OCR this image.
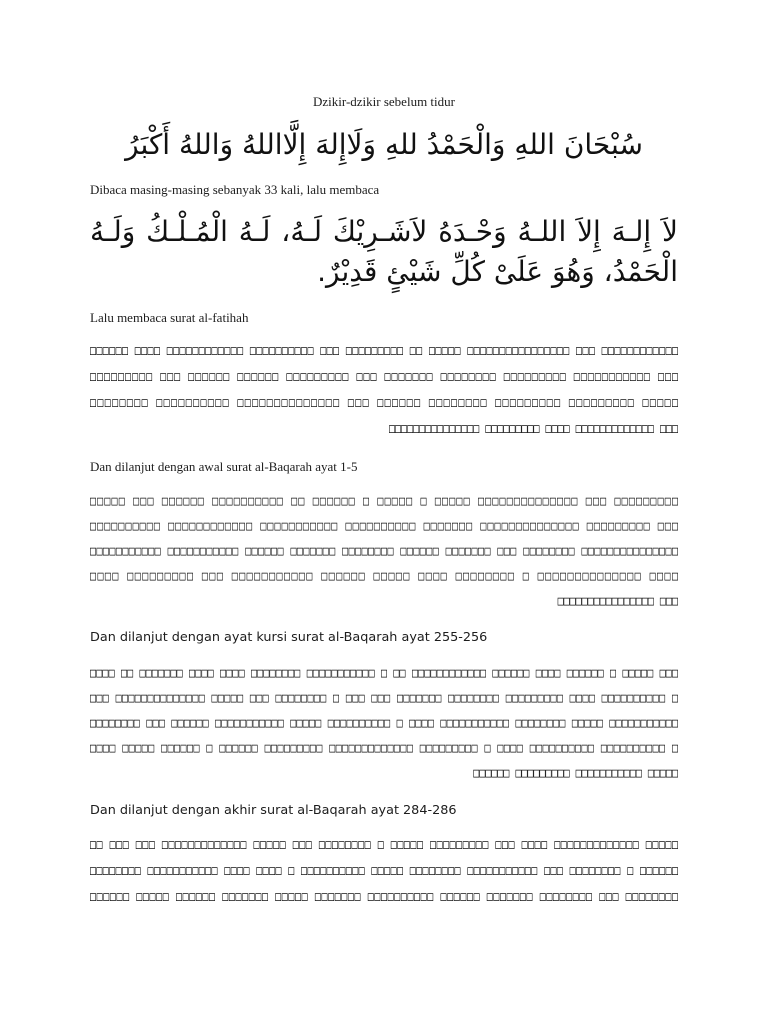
Dzikir-dzikir sebelum tidur
سُبْحَانَ اللهِ وَالْحَمْدُ للهِ وَلَاإِلهَ إِلَّااللهُ وَاللهُ أَكْبَرُ
Dibaca masing-masing sebanyak 33 kali, lalu membaca
لاَ إِلـهَ إِلاَ اللـهُ وَحْـدَهُ لاَشَـرِيْكَ لَـهُ، لَـهُ الْمُـلْـكُ وَلَـهُ
الْحَمْدُ، وَهُوَ عَلَىْ كُلِّ شَيْئٍ قَدِيْرٌ.
Lalu membaca surat al-fatihah
□□□□□□ □□□□ □□□□□□□□□□□□ □□□□□□□□□□ □□□ □□□□□□□□□ □□ □□□□□ □□□□□□□□□□□□□□□□ □□□ □□□□□□□□□□□□
□□□□□□□□□ □□□ □□□□□□ □□□□□□ □□□□□□□□□ □□□ □□□□□□□ □□□□□□□□ □□□□□□□□□ □□□□□□□□□□□ □□□
□□□□□□□□ □□□□□□□□□□ □□□□□□□□□□□□□□ □□□ □□□□□□ □□□□□□□□ □□□□□□□□□ □□□□□□□□□ □□□□□
□□□□□□□□□□□□□□□ □□□□□□□□□ □□□□ □□□□□□□□□□□□□ □□□
Dan dilanjut dengan awal surat al-Baqarah ayat 1-5
□□□□□ □□□ □□□□□□ □□□□□□□□□□ □□ □□□□□□ □ □□□□□ □ □□□□□ □□□□□□□□□□□□□□ □□□ □□□□□□□□□
□□□□□□□□□□ □□□□□□□□□□□□ □□□□□□□□□□□ □□□□□□□□□□ □□□□□□□ □□□□□□□□□□□□□□ □□□□□□□□□ □□□
□□□□□□□□□□□ □□□□□□□□□□□ □□□□□□ □□□□□□□ □□□□□□□□ □□□□□□ □□□□□□□ □□□ □□□□□□□□ □□□□□□□□□□□□□□□
□□□□ □□□□□□□□□ □□□ □□□□□□□□□□□ □□□□□□ □□□□□ □□□□ □□□□□□□□ □ □□□□□□□□□□□□□□ □□□□
□□□□□□□□□□□□□□□□ □□□
Dan dilanjut dengan ayat kursi surat al-Baqarah ayat 255-256
□□□□ □□ □□□□□□□ □□□□ □□□□ □□□□□□□□ □□□□□□□□□□□ □ □□ □□□□□□□□□□□□ □□□□□□ □□□□ □□□□□□ □ □□□□□ □□□
□□□ □□□□□□□□□□□□□□ □□□□□ □□□ □□□□□□□□ □ □□□ □□□ □□□□□□□ □□□□□□□□ □□□□□□□□□ □□□□ □□□□□□□□□□ □
□□□□□□□□ □□□ □□□□□□ □□□□□□□□□□□ □□□□□ □□□□□□□□□□ □ □□□□ □□□□□□□□□□□ □□□□□□□□ □□□□□ □□□□□□□□□□□
□□□□ □□□□□ □□□□□□ □ □□□□□□ □□□□□□□□□ □□□□□□□□□□□□□ □□□□□□□□□ □ □□□□ □□□□□□□□□□ □□□□□□□□□□ □
□□□□□□ □□□□□□□□□ □□□□□□□□□□□ □□□□□
Dan dilanjut dengan akhir surat al-Baqarah ayat 284-286
□□ □□□ □□□ □□□□□□□□□□□□□ □□□□□ □□□ □□□□□□□□ □ □□□□□ □□□□□□□□□ □□□ □□□□ □□□□□□□□□□□□□ □□□□□
□□□□□□□□ □□□□□□□□□□□ □□□□ □□□□ □ □□□□□□□□□□ □□□□□ □□□□□□□□ □□□□□□□□□□□ □□□ □□□□□□□□ □ □□□□□□
□□□□□□ □□□□□ □□□□□□ □□□□□□□ □□□□□ □□□□□□□ □□□□□□□□□□ □□□□□□ □□□□□□□ □□□□□□□□ □□□ □□□□□□□□
